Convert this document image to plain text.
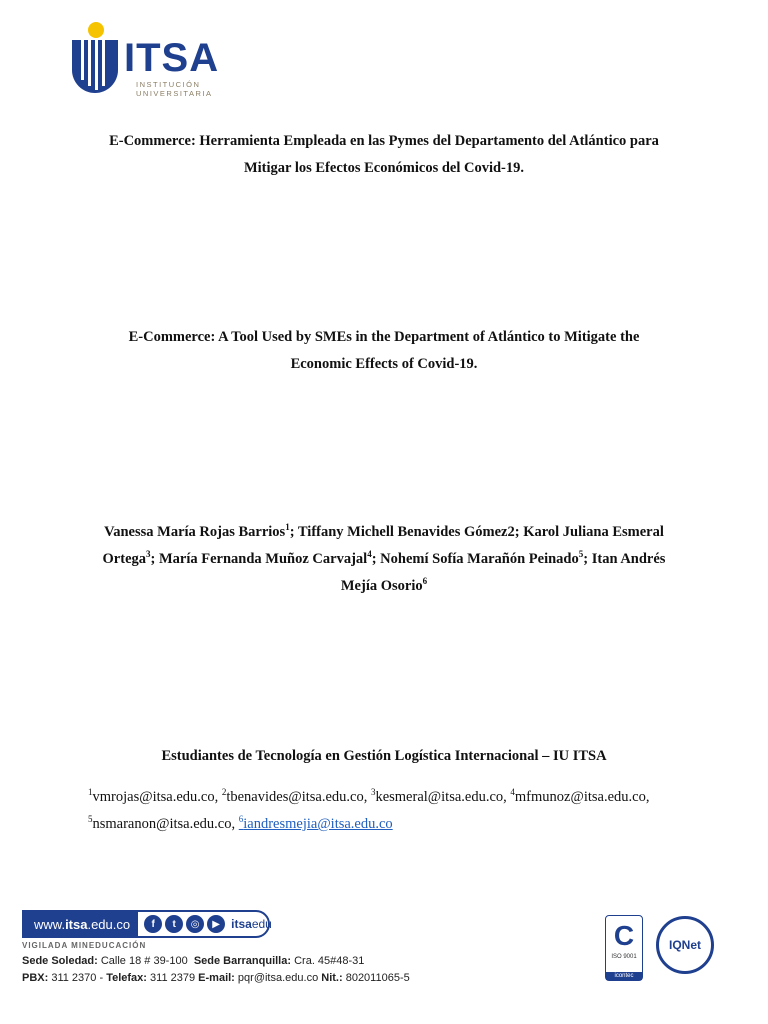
ITSA
INSTITUCIÓN
UNIVERSITARIA
E-Commerce: Herramienta Empleada en las Pymes del Departamento del Atlántico para
Mitigar los Efectos Económicos del Covid-19.
E-Commerce: A Tool Used by SMEs in the Department of Atlántico to Mitigate the
Economic Effects of Covid-19.
Vanessa María Rojas Barrios$^1$; Tiffany Michell Benavides Gómez2; Karol Juliana Esmeral
Ortega$^3$; María Fernanda Muñoz Carvajal$^4$; Nohemí Sofía Marañón Peinado$^5$; Itan Andrés
Mejía Osorio$^6$
Estudiantes de Tecnología en Gestión Logística Internacional – IU ITSA
$^1$vmrojas@itsa.edu.co, $^2$tbenavides@itsa.edu.co, $^3$kesmeral@itsa.edu.co, $^4$mfmunoz@itsa.edu.co,
$^5$nsmaranon@itsa.edu.co, $^6$iandresmejia@itsa.edu.co
www. itsa .edu.co	f	t	◎	▶ itsaedu
VIGILADA MINEDUCACIÓN
Sede Soledad: Calle 18 # 39-100 Sede Barranquilla: Cra. 45#48-31
PBX: 311 2370 - Telefax: 311 2379 E-mail: pqr@itsa.edu.co Nit.: 802011065-5
C
ISO 9001
icontec
IQNet
